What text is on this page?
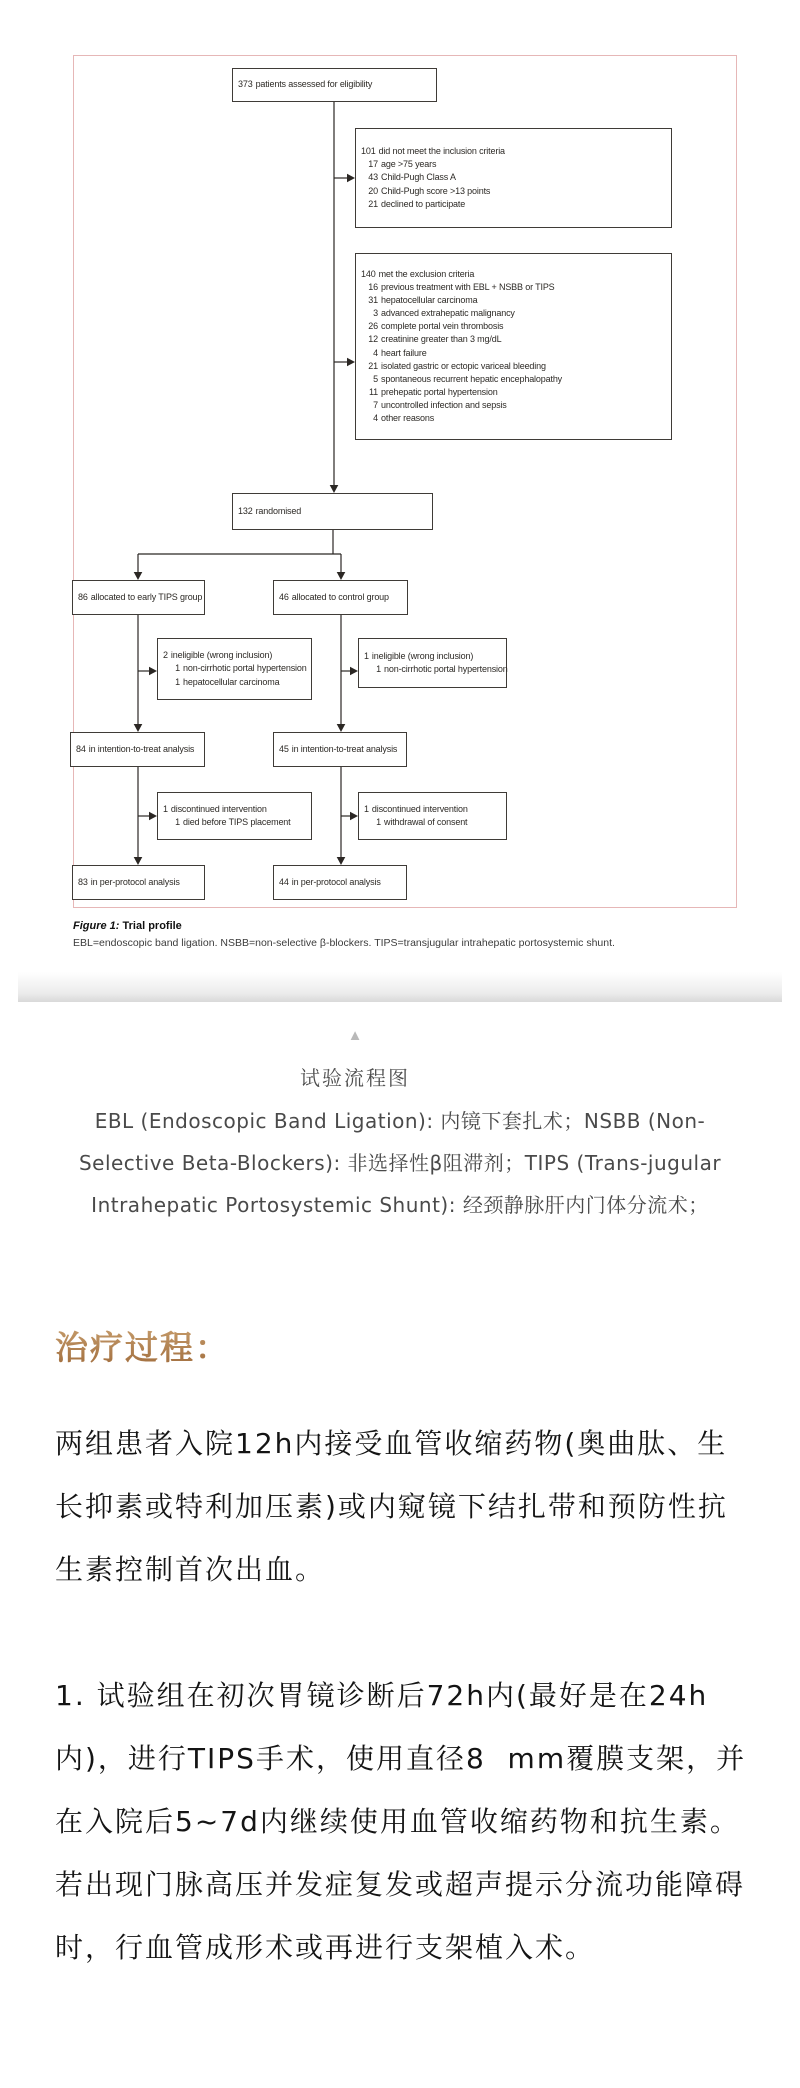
373 patients assessed for eligibility
101 did not meet the inclusion criteria
17 age >75 years
43 Child-Pugh Class A
20 Child-Pugh score >13 points
21 declined to participate
140 met the exclusion criteria
16 previous treatment with EBL + NSBB or TIPS
31 hepatocellular carcinoma
3 advanced extrahepatic malignancy
26 complete portal vein thrombosis
12 creatinine greater than 3 mg/dL
4 heart failure
21 isolated gastric or ectopic variceal bleeding
5 spontaneous recurrent hepatic encephalopathy
11 prehepatic portal hypertension
7 uncontrolled infection and sepsis
4 other reasons
132 randomised
86 allocated to early TIPS group	46 allocated to control group
2 ineligible (wrong inclusion)
1 non-cirrhotic portal hypertension
1 hepatocellular carcinoma
1 ineligible (wrong inclusion)
1 non-cirrhotic portal hypertension
84 in intention-to-treat analysis	45 in intention-to-treat analysis
1 discontinued intervention
1 died before TIPS placement
1 discontinued intervention
1 withdrawal of consent
83 in per-protocol analysis	44 in per-protocol analysis
Figure 1: Trial profile
EBL=endoscopic band ligation. NSBB=non-selective β-blockers. TIPS=transjugular intrahepatic portosystemic shunt.
▲
试验流程图
EBL (Endoscopic Band Ligation): 内镜下套扎术；NSBB (Non-Selective Beta-Blockers): 非选择性β阻滞剂；TIPS (Trans-jugular Intrahepatic Portosystemic Shunt): 经颈静脉肝内门体分流术；
治疗过程：

两组患者入院12h内接受血管收缩药物(奥曲肽、生长抑素或特利加压素)或内窥镜下结扎带和预防性抗生素控制首次出血。

1. 试验组在初次胃镜诊断后72h内(最好是在24h内)，进行TIPS手术，使用直径8  mm覆膜支架，并在入院后5~7d内继续使用血管收缩药物和抗生素。若出现门脉高压并发症复发或超声提示分流功能障碍时，行血管成形术或再进行支架植入术。
